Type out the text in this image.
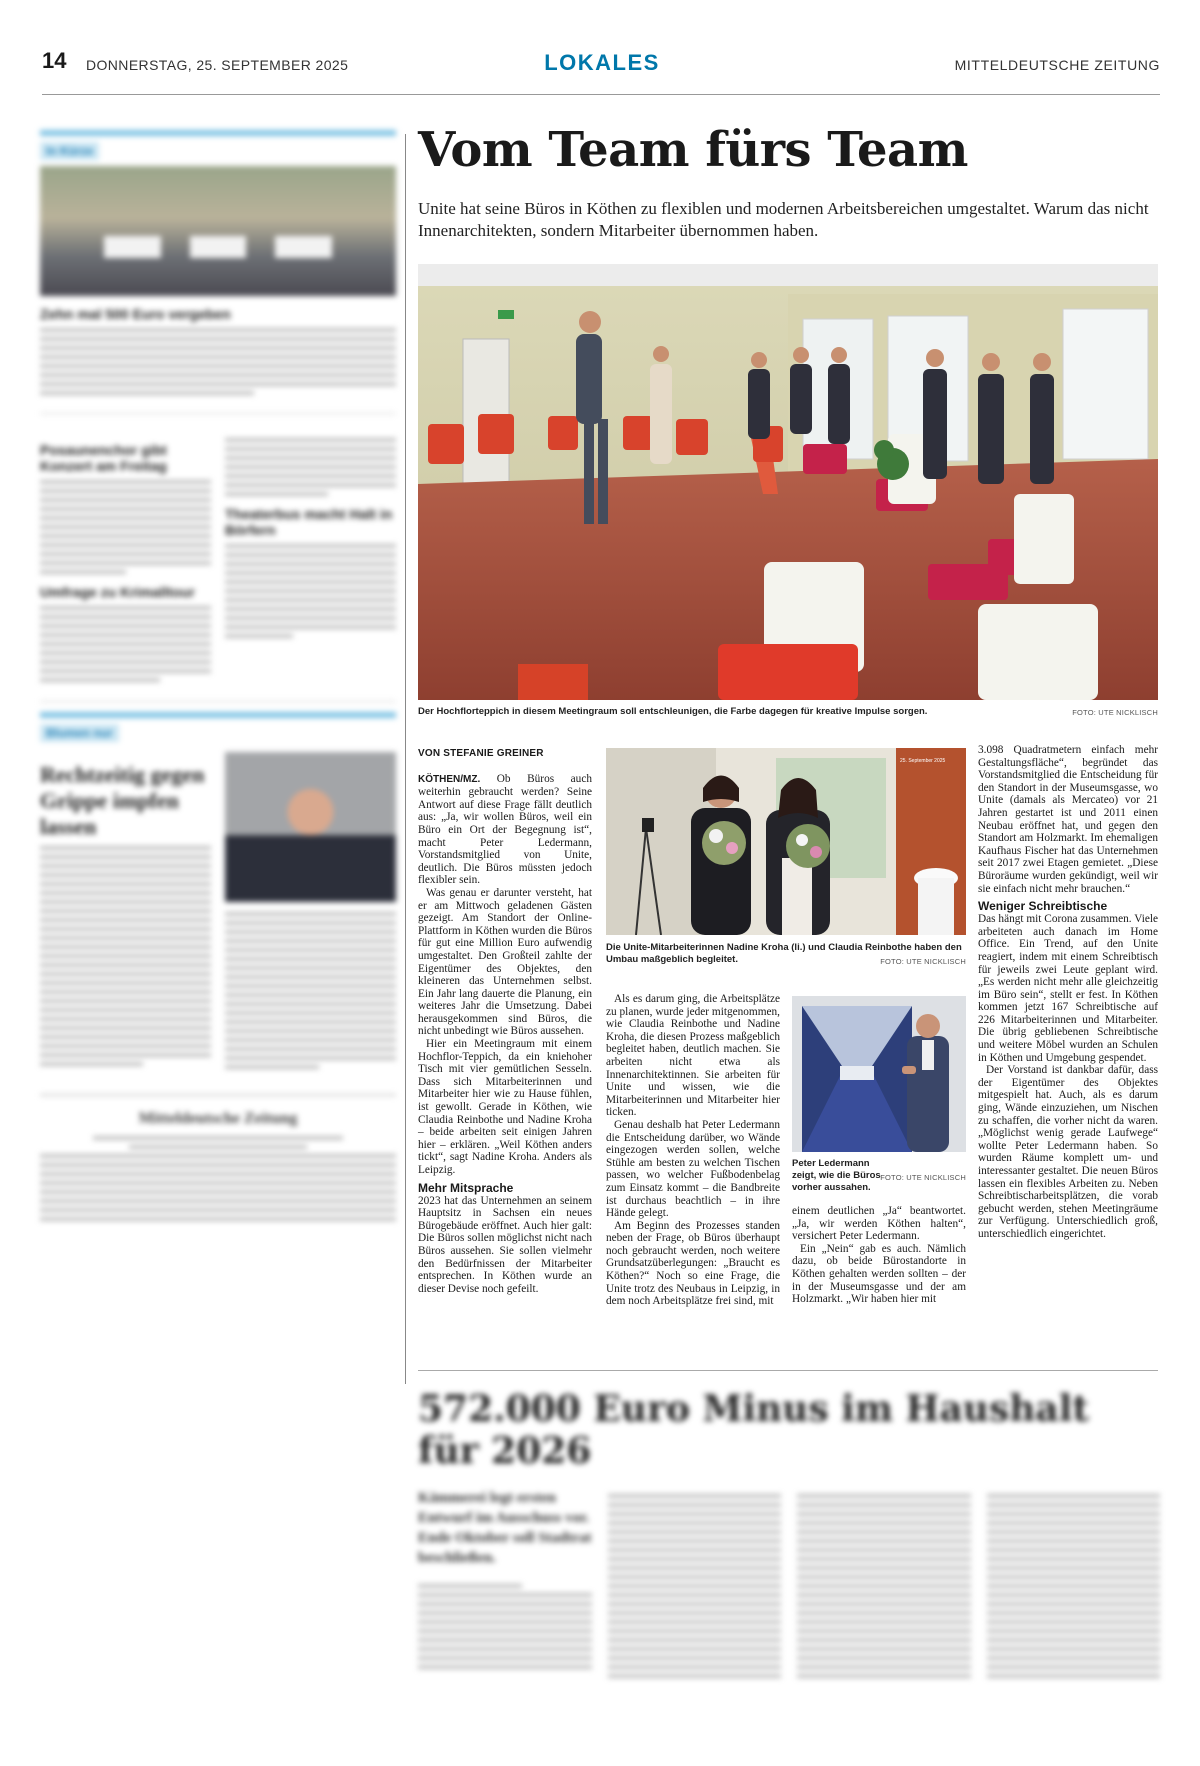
14 DONNERSTAG, 25. SEPTEMBER 2025	LOKALES	MITTELDEUTSCHE ZEITUNG
In Kürze
Zehn mal 500 Euro vergeben
Posaunenchor gibt Konzert am Freitag
Umfrage zu Krimalltour
Theaterbus macht Halt in Börfern
Blumen nur
Rechtzeitig gegen Grippe impfen lassen
Mitteldeutsche Zeitung
Vom Team fürs Team
Unite hat seine Büros in Köthen zu flexiblen und modernen Arbeitsbereichen umgestaltet. Warum das nicht Innenarchitekten, sondern Mitarbeiter übernommen haben.
Der Hochflorteppich in diesem Meetingraum soll entschleunigen, die Farbe dagegen für kreative Impulse sorgen.	FOTO: UTE NICKLISCH
VON STEFANIE GREINER

KÖTHEN/MZ. Ob Büros auch weiterhin gebraucht werden? Seine Antwort auf diese Frage fällt deutlich aus: „Ja, wir wollen Büros, weil ein Büro ein Ort der Begegnung ist“, macht Peter Ledermann, Vorstandsmitglied von Unite, deutlich. Die Büros müssten jedoch flexibler sein.

Was genau er darunter versteht, hat er am Mittwoch geladenen Gästen gezeigt. Am Standort der Online-Plattform in Köthen wurden die Büros für gut eine Million Euro aufwendig umgestaltet. Den Großteil zahlte der Eigentümer des Objektes, den kleineren das Unternehmen selbst. Ein Jahr lang dauerte die Planung, ein weiteres Jahr die Umsetzung. Dabei herausgekommen sind Büros, die nicht unbedingt wie Büros aussehen.

Hier ein Meetingraum mit einem Hochflor-Teppich, da ein kniehoher Tisch mit vier gemütlichen Sesseln. Dass sich Mitarbeiterinnen und Mitarbeiter hier wie zu Hause fühlen, ist gewollt. Gerade in Köthen, wie Claudia Reinbothe und Nadine Kroha – beide arbeiten seit einigen Jahren hier – erklären. „Weil Köthen anders tickt“, sagt Nadine Kroha. Anders als Leipzig.

Mehr Mitsprache

2023 hat das Unternehmen an seinem Hauptsitz in Sachsen ein neues Bürogebäude eröffnet. Auch hier galt: Die Büros sollen möglichst nicht nach Büros aussehen. Sie sollen vielmehr den Bedürfnissen der Mitarbeiter entsprechen. In Köthen wurde an dieser Devise noch gefeilt.

25. September 2025
Die Unite-Mitarbeiterinnen Nadine Kroha (li.) und Claudia Reinbothe haben den Umbau maßgeblich begleitet.	FOTO: UTE NICKLISCH

Als es darum ging, die Arbeitsplätze zu planen, wurde jeder mitgenommen, wie Claudia Reinbothe und Nadine Kroha, die diesen Prozess maßgeblich begleitet haben, deutlich machen. Sie arbeiten nicht etwa als Innenarchitektinnen. Sie arbeiten für Unite und wissen, wie die Mitarbeiterinnen und Mitarbeiter hier ticken.

Genau deshalb hat Peter Ledermann die Entscheidung darüber, wo Wände eingezogen werden sollen, welche Stühle am besten zu welchen Tischen passen, wo welcher Fußbodenbelag zum Einsatz kommt – die Bandbreite ist durchaus beachtlich – in ihre Hände gelegt.

Am Beginn des Prozesses standen neben der Frage, ob Büros überhaupt noch gebraucht werden, noch weitere Grundsatzüberlegungen: „Braucht es Köthen?“ Noch so eine Frage, die Unite trotz des Neubaus in Leipzig, in dem noch Arbeitsplätze frei sind, mit

Peter Ledermann zeigt, wie die Büros vorher aussahen.
FOTO: UTE NICKLISCH

einem deutlichen „Ja“ beantwortet. „Ja, wir werden Köthen halten“, versichert Peter Ledermann.

Ein „Nein“ gab es auch. Nämlich dazu, ob beide Bürostandorte in Köthen gehalten werden sollten – der in der Museumsgasse und der am Holzmarkt. „Wir haben hier mit

3.098 Quadratmetern einfach mehr Gestaltungsfläche“, begründet das Vorstandsmitglied die Entscheidung für den Standort in der Museumsgasse, wo Unite (damals als Mercateo) vor 21 Jahren gestartet ist und 2011 einen Neubau eröffnet hat, und gegen den Standort am Holzmarkt. Im ehemaligen Kaufhaus Fischer hat das Unternehmen seit 2017 zwei Etagen gemietet. „Diese Büroräume wurden gekündigt, weil wir sie einfach nicht mehr brauchen.“

Weniger Schreibtische

Das hängt mit Corona zusammen. Viele arbeiteten auch danach im Home Office. Ein Trend, auf den Unite reagiert, indem mit einem Schreibtisch für jeweils zwei Leute geplant wird. „Es werden nicht mehr alle gleichzeitig im Büro sein“, stellt er fest. In Köthen kommen jetzt 167 Schreibtische auf 226 Mitarbeiterinnen und Mitarbeiter. Die übrig gebliebenen Schreibtische und weitere Möbel wurden an Schulen in Köthen und Umgebung gespendet.

Der Vorstand ist dankbar dafür, dass der Eigentümer des Objektes mitgespielt hat. Auch, als es darum ging, Wände einzuziehen, um Nischen zu schaffen, die vorher nicht da waren. „Möglichst wenig gerade Laufwege“ wollte Peter Ledermann haben. So wurden Räume komplett um- und interessanter gestaltet. Die neuen Büros lassen ein flexibles Arbeiten zu. Neben Schreibtischarbeitsplätzen, die vorab gebucht werden, stehen Meetingräume zur Verfügung. Unterschiedlich groß, unterschiedlich eingerichtet.

572.000 Euro Minus im Haushalt für 2026
Kämmerei legt ersten Entwurf im Ausschuss vor. Ende Oktober soll Stadtrat beschließen.
